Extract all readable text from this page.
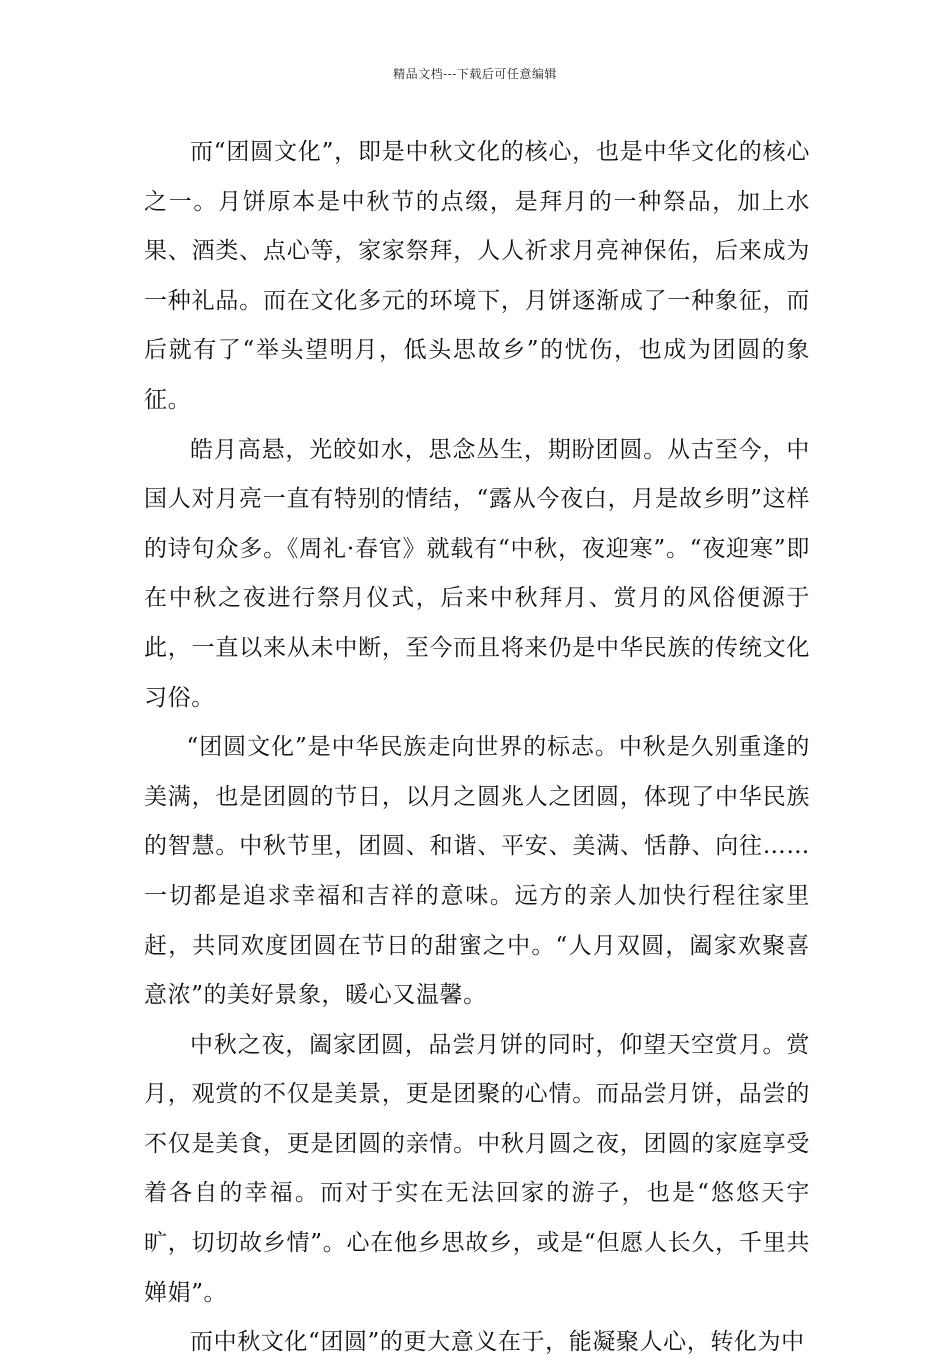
精品文档---下载后可任意编辑

而“团圆文化”，即是中秋文化的核心，也是中华文化的核心之一。月饼原本是中秋节的点缀，是拜月的一种祭品，加上水果、酒类、点心等，家家祭拜，人人祈求月亮神保佑，后来成为一种礼品。而在文化多元的环境下，月饼逐渐成了一种象征，而后就有了“举头望明月，低头思故乡”的忧伤，也成为团圆的象征。

皓月高悬，光皎如水，思念丛生，期盼团圆。从古至今，中国人对月亮一直有特别的情结，“露从今夜白，月是故乡明”这样的诗句众多。《周礼·春官》就载有“中秋，夜迎寒”。“夜迎寒”即在中秋之夜进行祭月仪式，后来中秋拜月、赏月的风俗便源于此，一直以来从未中断，至今而且将来仍是中华民族的传统文化习俗。

“团圆文化”是中华民族走向世界的标志。中秋是久别重逢的美满，也是团圆的节日，以月之圆兆人之团圆，体现了中华民族的智慧。中秋节里，团圆、和谐、平安、美满、恬静、向往……一切都是追求幸福和吉祥的意味。远方的亲人加快行程往家里赶，共同欢度团圆在节日的甜蜜之中。“人月双圆，阖家欢聚喜意浓”的美好景象，暖心又温馨。

中秋之夜，阖家团圆，品尝月饼的同时，仰望天空赏月。赏月，观赏的不仅是美景，更是团聚的心情。而品尝月饼，品尝的不仅是美食，更是团圆的亲情。中秋月圆之夜，团圆的家庭享受着各自的幸福。而对于实在无法回家的游子，也是“悠悠天宇旷，切切故乡情”。心在他乡思故乡，或是“但愿人长久，千里共婵娟”。

而中秋文化“团圆”的更大意义在于，能凝聚人心，转化为中
